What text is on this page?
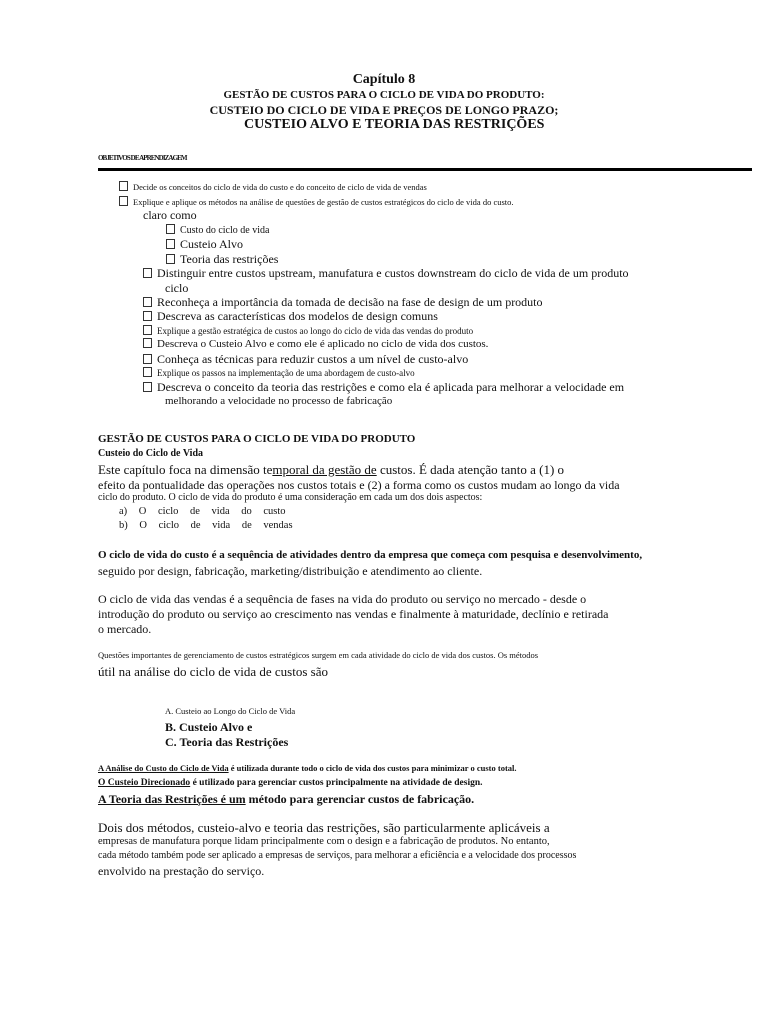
Capítulo 8
GESTÃO DE CUSTOS PARA O CICLO DE VIDA DO PRODUTO:
CUSTEIO DO CICLO DE VIDA E PREÇOS DE LONGO PRAZO;
CUSTEIO ALVO E TEORIA DAS RESTRIÇÕES
OBJETIVOS DE APRENDIZAGEM
Decide os conceitos do ciclo de vida do custo e do conceito de ciclo de vida de vendas
Explique e aplique os métodos na análise de questões de gestão de custos estratégicos do ciclo de vida do custo.
claro como
Custo do ciclo de vida
Custeio Alvo
Teoria das restrições
Distinguir entre custos upstream, manufatura e custos downstream do ciclo de vida de um produto
ciclo
Reconheça a importância da tomada de decisão na fase de design de um produto
Descreva as características dos modelos de design comuns
Explique a gestão estratégica de custos ao longo do ciclo de vida das vendas do produto
Descreva o Custeio Alvo e como ele é aplicado no ciclo de vida dos custos.
Conheça as técnicas para reduzir custos a um nível de custo-alvo
Explique os passos na implementação de uma abordagem de custo-alvo
Descreva o conceito da teoria das restrições e como ela é aplicada para melhorar a velocidade em
melhorando a velocidade no processo de fabricação
GESTÃO DE CUSTOS PARA O CICLO DE VIDA DO PRODUTO
Custeio do Ciclo de Vida
Este capítulo foca na dimensão temporal da gestão de custos. É dada atenção tanto a (1) o
efeito da pontualidade das operações nos custos totais e (2) a forma como os custos mudam ao longo da vida
ciclo do produto. O ciclo de vida do produto é uma consideração em cada um dos dois aspectos:
a) O ciclo de vida do custo
b) O ciclo de vida de vendas
O ciclo de vida do custo é a sequência de atividades dentro da empresa que começa com pesquisa e desenvolvimento,
seguido por design, fabricação, marketing/distribuição e atendimento ao cliente.
O ciclo de vida das vendas é a sequência de fases na vida do produto ou serviço no mercado - desde o
introdução do produto ou serviço ao crescimento nas vendas e finalmente à maturidade, declínio e retirada
o mercado.
Questões importantes de gerenciamento de custos estratégicos surgem em cada atividade do ciclo de vida dos custos. Os métodos
útil na análise do ciclo de vida de custos são
A. Custeio ao Longo do Ciclo de Vida
B. Custeio Alvo e
C. Teoria das Restrições
A Análise do Custo do Ciclo de Vida é utilizada durante todo o ciclo de vida dos custos para minimizar o custo total.
O Custeio Direcionado é utilizado para gerenciar custos principalmente na atividade de design.
A Teoria das Restrições é um método para gerenciar custos de fabricação.
Dois dos métodos, custeio-alvo e teoria das restrições, são particularmente aplicáveis a
empresas de manufatura porque lidam principalmente com o design e a fabricação de produtos. No entanto,
cada método também pode ser aplicado a empresas de serviços, para melhorar a eficiência e a velocidade dos processos
envolvido na prestação do serviço.
